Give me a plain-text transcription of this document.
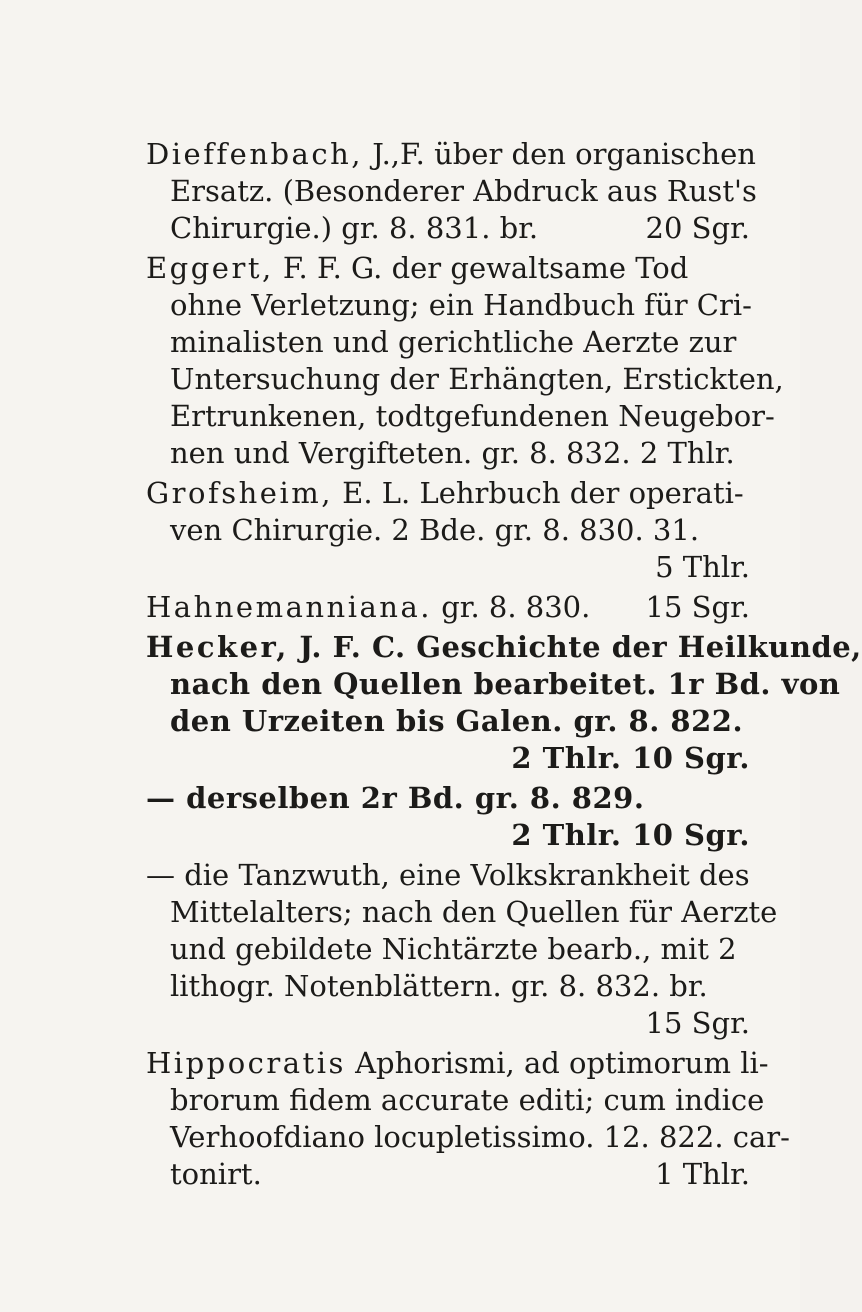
Dieffenbach, J.,F. über den organischen
Ersatz. (Besonderer Abdruck aus Rust's
Chirurgie.) gr. 8. 831. br.	20 Sgr.
Eggert, F. F. G. der gewaltsame Tod
ohne Verletzung; ein Handbuch für Cri-
minalisten und gerichtliche Aerzte zur
Untersuchung der Erhängten, Erstickten,
Ertrunkenen, todtgefundenen Neugebor-
nen und Vergifteten. gr. 8. 832. 2 Thlr.
Grofsheim, E. L. Lehrbuch der operati-
ven Chirurgie. 2 Bde. gr. 8. 830. 31.
5 Thlr.
Hahnemanniana. gr. 8. 830. 15 Sgr.
Hecker, J. F. C. Geschichte der Heilkunde,
nach den Quellen bearbeitet. 1r Bd. von
den Urzeiten bis Galen. gr. 8. 822.
2 Thlr. 10 Sgr.
— derselben 2r Bd. gr. 8. 829.
2 Thlr. 10 Sgr.
— die Tanzwuth, eine Volkskrankheit des
Mittelalters; nach den Quellen für Aerzte
und gebildete Nichtärzte bearb., mit 2
lithogr. Notenblättern. gr. 8. 832. br.
15 Sgr.
Hippocratis Aphorismi, ad optimorum li-
brorum fidem accurate editi; cum indice
Verhoofdiano locupletissimo. 12. 822. car-
tonirt.	1 Thlr.
